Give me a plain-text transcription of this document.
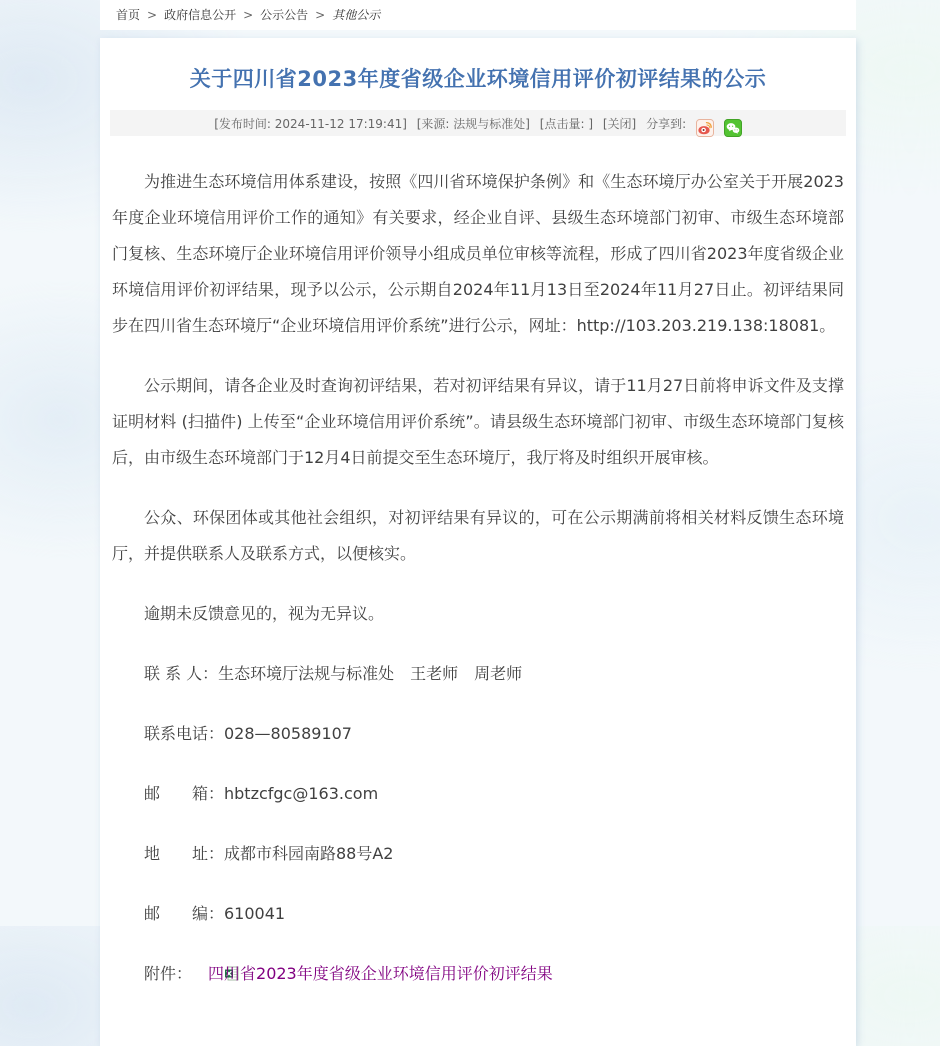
首页 > 政府信息公开 > 公示公告 > 其他公示
关于四川省2023年度省级企业环境信用评价初评结果的公示
[发布时间: 2024-11-12 17:19:41] [来源: 法规与标准处] [点击量: ] [关闭] 分享到:

为推进生态环境信用体系建设，按照《四川省环境保护条例》和《生态环境厅办公室关于开展2023年度企业环境信用评价工作的通知》有关要求，经企业自评、县级生态环境部门初审、市级生态环境部门复核、生态环境厅企业环境信用评价领导小组成员单位审核等流程，形成了四川省2023年度省级企业环境信用评价初评结果，现予以公示，公示期自2024年11月13日至2024年11月27日止。初评结果同步在四川省生态环境厅“企业环境信用评价系统”进行公示，网址：http://103.203.219.138:18081。

公示期间，请各企业及时查询初评结果，若对初评结果有异议，请于11月27日前将申诉文件及支撑证明材料 (扫描件) 上传至“企业环境信用评价系统”。请县级生态环境部门初审、市级生态环境部门复核后，由市级生态环境部门于12月4日前提交至生态环境厅，我厅将及时组织开展审核。

公众、环保团体或其他社会组织，对初评结果有异议的，可在公示期满前将相关材料反馈生态环境厅，并提供联系人及联系方式，以便核实。

逾期未反馈意见的，视为无异议。

联 系 人：生态环境厅法规与标准处　王老师　周老师

联系电话：028—80589107

邮　　箱：hbtzcfgc@163.com

地　　址：成都市科园南路88号A2

邮　　编：610041

附件： 四川省2023年度省级企业环境信用评价初评结果
